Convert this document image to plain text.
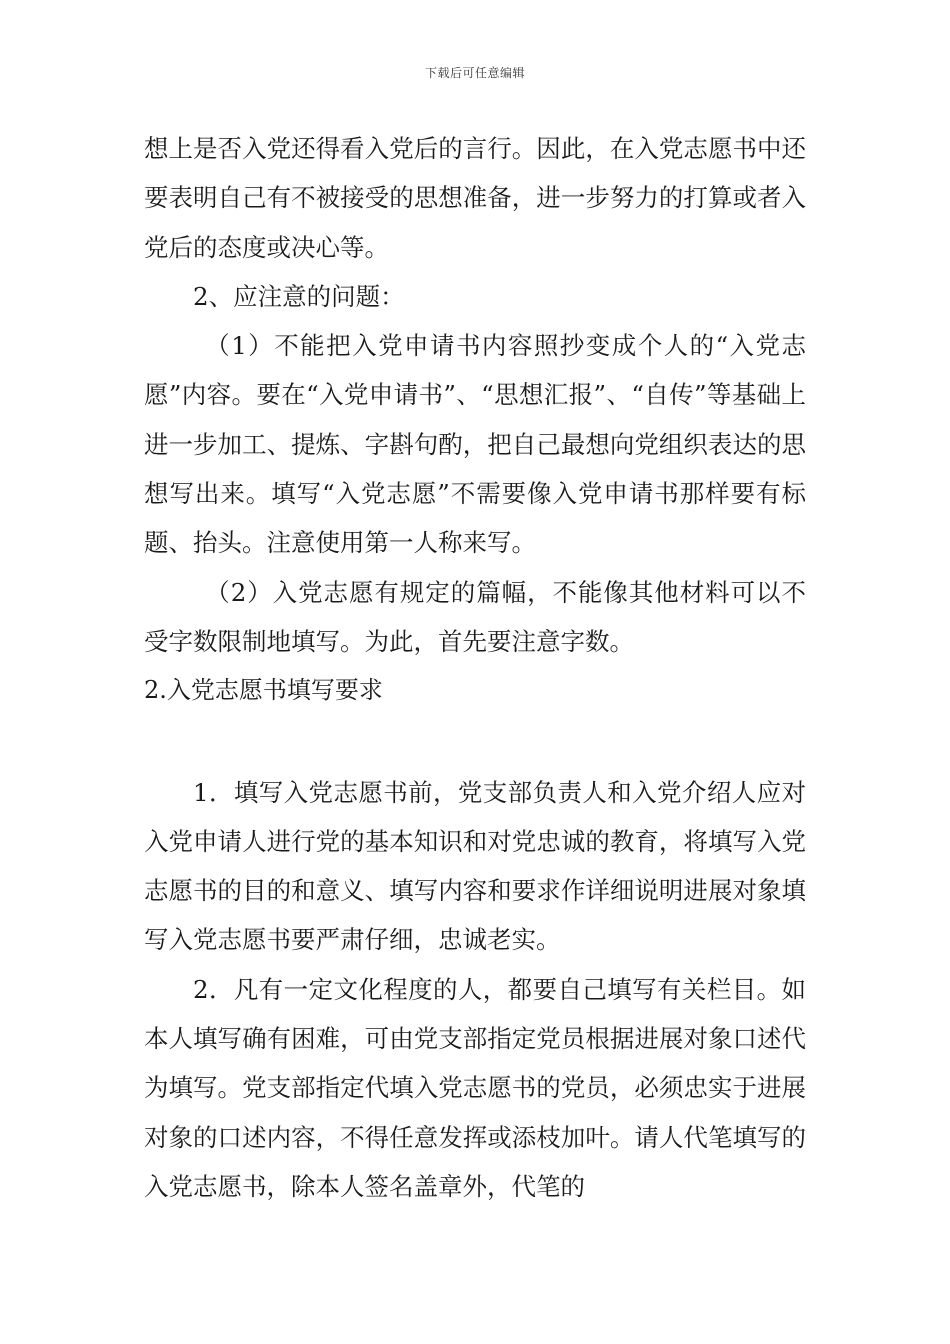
下载后可任意编辑

想上是否入党还得看入党后的言行。因此，在入党志愿书中还要表明自己有不被接受的思想准备，进一步努力的打算或者入党后的态度或决心等。

2、应注意的问题：

（1）不能把入党申请书内容照抄变成个人的“入党志愿”内容。要在“入党申请书”、“思想汇报”、“自传”等基础上进一步加工、提炼、字斟句酌，把自己最想向党组织表达的思想写出来。填写“入党志愿”不需要像入党申请书那样要有标题、抬头。注意使用第一人称来写。

（2）入党志愿有规定的篇幅，不能像其他材料可以不受字数限制地填写。为此，首先要注意字数。

2.入党志愿书填写要求

1．填写入党志愿书前，党支部负责人和入党介绍人应对入党申请人进行党的基本知识和对党忠诚的教育，将填写入党志愿书的目的和意义、填写内容和要求作详细说明进展对象填写入党志愿书要严肃仔细，忠诚老实。

2．凡有一定文化程度的人，都要自己填写有关栏目。如本人填写确有困难，可由党支部指定党员根据进展对象口述代为填写。党支部指定代填入党志愿书的党员，必须忠实于进展对象的口述内容，不得任意发挥或添枝加叶。请人代笔填写的入党志愿书，除本人签名盖章外，代笔的
